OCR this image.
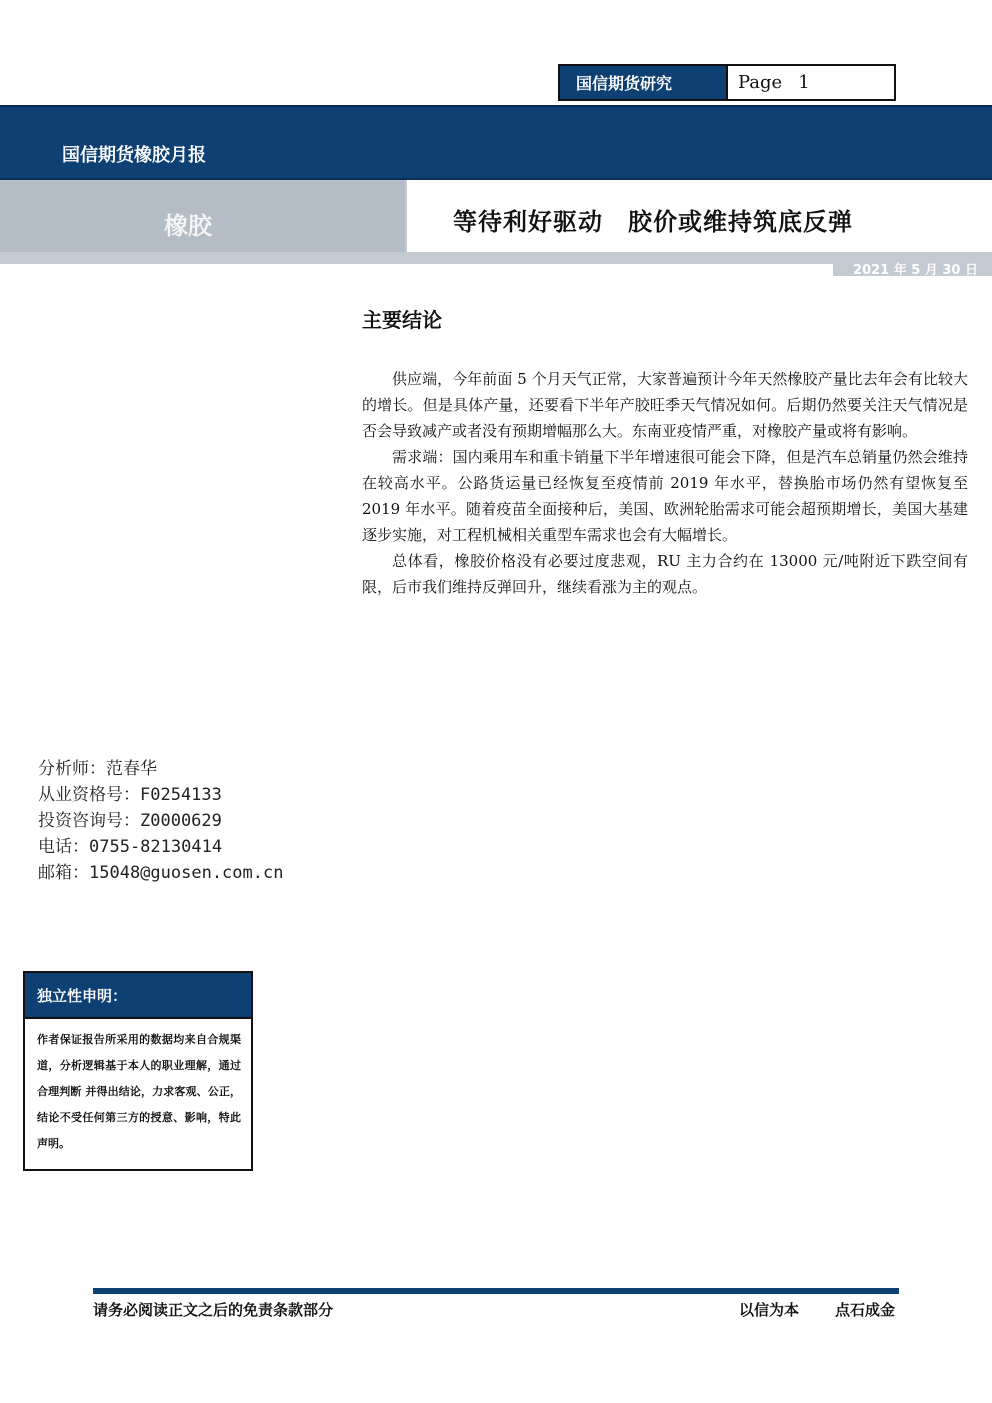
国信期货研究	Page 1
国信期货橡胶月报
橡胶	等待利好驱动　胶价或维持筑底反弹
2021 年 5 月 30 日
主要结论

供应端，今年前面 5 个月天气正常，大家普遍预计今年天然橡胶产量比去年会有比较大的增长。但是具体产量，还要看下半年产胶旺季天气情况如何。后期仍然要关注天气情况是否会导致减产或者没有预期增幅那么大。东南亚疫情严重，对橡胶产量或将有影响。

需求端：国内乘用车和重卡销量下半年增速很可能会下降，但是汽车总销量仍然会维持在较高水平。公路货运量已经恢复至疫情前 2019 年水平，替换胎市场仍然有望恢复至 2019 年水平。随着疫苗全面接种后，美国、欧洲轮胎需求可能会超预期增长，美国大基建逐步实施，对工程机械相关重型车需求也会有大幅增长。

总体看，橡胶价格没有必要过度悲观，RU 主力合约在 13000 元/吨附近下跌空间有限，后市我们维持反弹回升，继续看涨为主的观点。

分析师：范春华
从业资格号：F0254133
投资咨询号：Z0000629
电话：0755-82130414
邮箱：15048@guosen.com.cn
独立性申明：
作者保证报告所采用的数据均来自合规渠道，分析逻辑基于本人的职业理解，通过合理判断 并得出结论，力求客观、公正，结论不受任何第三方的授意、影响，特此声明。
请务必阅读正文之后的免责条款部分	以信为本 点石成金
